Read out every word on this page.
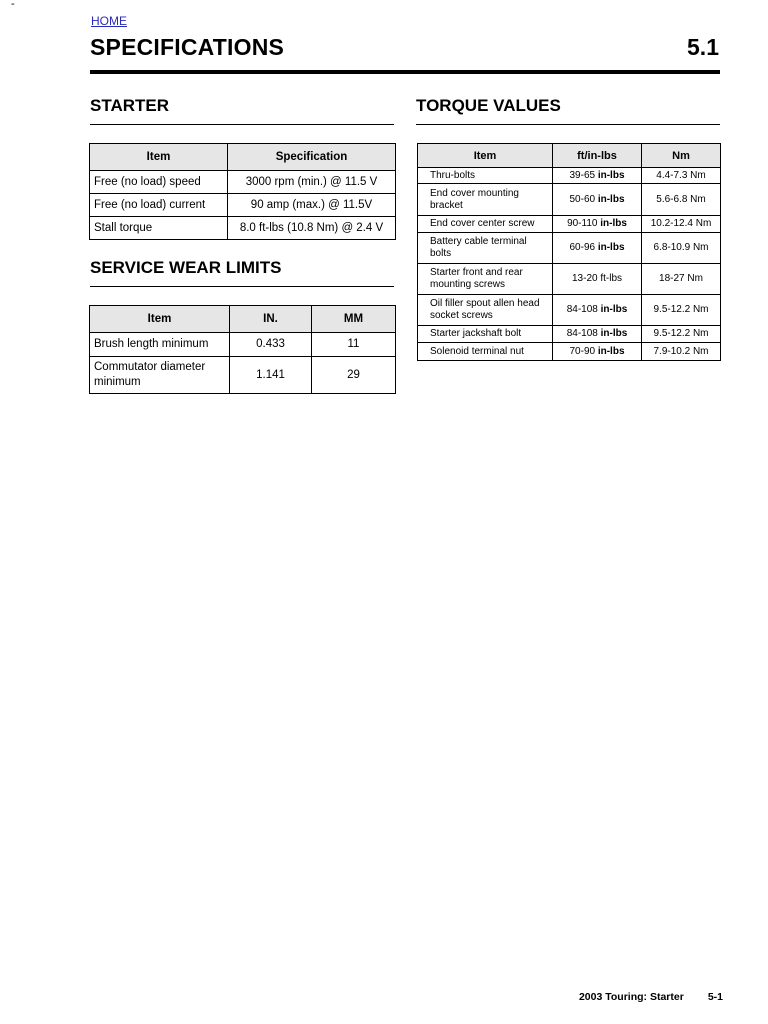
-
HOME
SPECIFICATIONS	5.1
STARTER
Item	Specification
Free (no load) speed	3000 rpm (min.) @ 11.5 V
Free (no load) current	90 amp (max.) @ 11.5V
Stall torque	8.0 ft-lbs (10.8 Nm) @ 2.4 V
SERVICE WEAR LIMITS
Item	IN.	MM
Brush length minimum	0.433	11
Commutator diameter minimum	1.141	29
TORQUE VALUES
Item	ft/in-lbs	Nm
Thru-bolts	39-65 in-lbs	4.4-7.3 Nm
End cover mounting bracket	50-60 in-lbs	5.6-6.8 Nm
End cover center screw	90-110 in-lbs	10.2-12.4 Nm
Battery cable terminal bolts	60-96 in-lbs	6.8-10.9 Nm
Starter front and rear mounting screws	13-20 ft-lbs	18-27 Nm
Oil filler spout allen head socket screws	84-108 in-lbs	9.5-12.2 Nm
Starter jackshaft bolt	84-108 in-lbs	9.5-12.2 Nm
Solenoid terminal nut	70-90 in-lbs	7.9-10.2 Nm
2003 Touring: Starter 5-1
